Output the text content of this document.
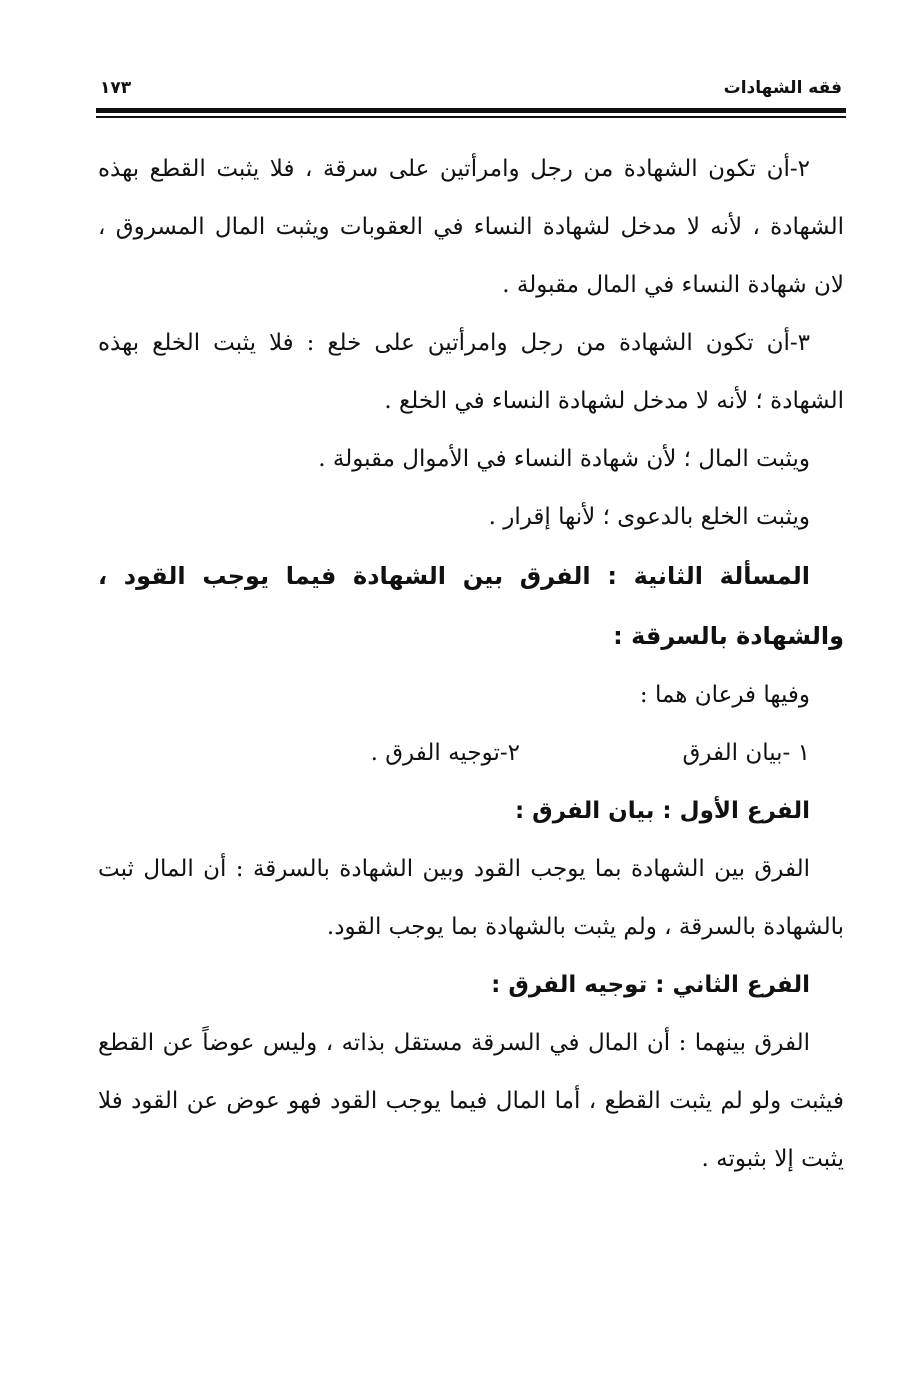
فقه الشهادات
١٧٣

٢-أن تكون الشهادة من رجل وامرأتين على سرقة ، فلا يثبت القطع بهذه الشهادة ، لأنه لا مدخل لشهادة النساء في العقوبات ويثبت المال المسروق ، لان شهادة النساء في المال مقبولة .

٣-أن تكون الشهادة من رجل وامرأتين على خلع : فلا يثبت الخلع بهذه الشهادة ؛ لأنه لا مدخل لشهادة النساء في الخلع .

ويثبت المال ؛ لأن شهادة النساء في الأموال مقبولة .

ويثبت الخلع بالدعوى ؛ لأنها إقرار .

المسألة الثانية : الفرق بين الشهادة فيما يوجب القود ، والشهادة بالسرقة :

وفيها فرعان هما :

١ -بيان الفرق
٢-توجيه الفرق .

الفرع الأول : بيان الفرق :

الفرق بين الشهادة بما يوجب القود وبين الشهادة بالسرقة : أن المال ثبت بالشهادة بالسرقة ، ولم يثبت بالشهادة بما يوجب القود.

الفرع الثاني : توجيه الفرق :

الفرق بينهما : أن المال في السرقة مستقل بذاته ، وليس عوضاً عن القطع فيثبت ولو لم يثبت القطع ، أما المال فيما يوجب القود فهو عوض عن القود فلا يثبت إلا بثبوته .
